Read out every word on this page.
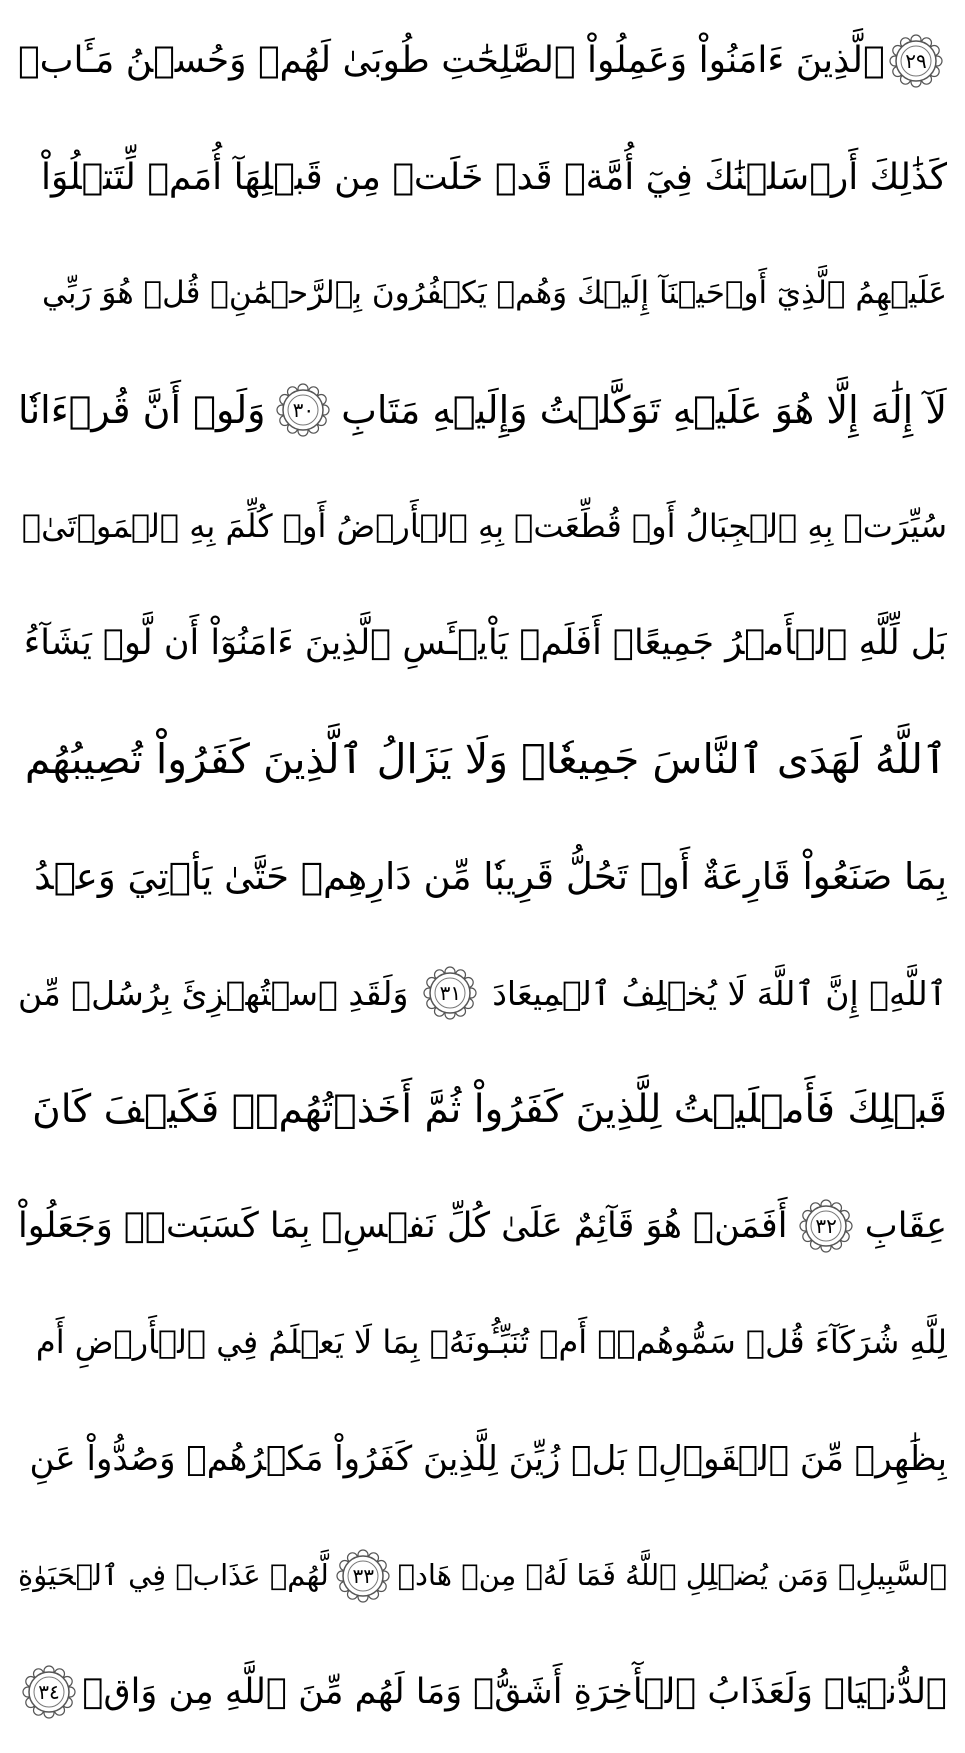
٢٩
ٱلَّذِينَ ءَامَنُواْ وَعَمِلُواْ ٱلصَّٰلِحَٰتِ طُوبَىٰ لَهُمۡ وَحُسۡنُ مَـَٔابٖ
كَذَٰلِكَ أَرۡسَلۡنَٰكَ فِيٓ أُمَّةٖ قَدۡ خَلَتۡ مِن قَبۡلِهَآ أُمَمٞ لِّتَتۡلُوَاْ
عَلَيۡهِمُ ٱلَّذِيٓ أَوۡحَيۡنَآ إِلَيۡكَ وَهُمۡ يَكۡفُرُونَ بِٱلرَّحۡمَٰنِۚ قُلۡ هُوَ رَبِّي
لَآ إِلَٰهَ إِلَّا هُوَ عَلَيۡهِ تَوَكَّلۡتُ وَإِلَيۡهِ مَتَابِ
٣٠
وَلَوۡ أَنَّ قُرۡءَانٗا
سُيِّرَتۡ بِهِ ٱلۡجِبَالُ أَوۡ قُطِّعَتۡ بِهِ ٱلۡأَرۡضُ أَوۡ كُلِّمَ بِهِ ٱلۡمَوۡتَىٰۗ
بَل لِّلَّهِ ٱلۡأَمۡرُ جَمِيعًاۗ أَفَلَمۡ يَاْيۡـَٔسِ ٱلَّذِينَ ءَامَنُوٓاْ أَن لَّوۡ يَشَآءُ
ٱللَّهُ لَهَدَى ٱلنَّاسَ جَمِيعٗاۗ وَلَا يَزَالُ ٱلَّذِينَ كَفَرُواْ تُصِيبُهُم
بِمَا صَنَعُواْ قَارِعَةٌ أَوۡ تَحُلُّ قَرِيبٗا مِّن دَارِهِمۡ حَتَّىٰ يَأۡتِيَ وَعۡدُ
ٱللَّهِۚ إِنَّ ٱللَّهَ لَا يُخۡلِفُ ٱلۡمِيعَادَ
٣١
وَلَقَدِ ٱسۡتُهۡزِئَ بِرُسُلٖ مِّن
قَبۡلِكَ فَأَمۡلَيۡتُ لِلَّذِينَ كَفَرُواْ ثُمَّ أَخَذۡتُهُمۡۖ فَكَيۡفَ كَانَ
عِقَابِ
٣٢
أَفَمَنۡ هُوَ قَآئِمٌ عَلَىٰ كُلِّ نَفۡسِۢ بِمَا كَسَبَتۡۗ وَجَعَلُواْ
لِلَّهِ شُرَكَآءَ قُلۡ سَمُّوهُمۡۚ أَمۡ تُنَبِّـُٔونَهُۥ بِمَا لَا يَعۡلَمُ فِي ٱلۡأَرۡضِ أَم
بِظَٰهِرٖ مِّنَ ٱلۡقَوۡلِۗ بَلۡ زُيِّنَ لِلَّذِينَ كَفَرُواْ مَكۡرُهُمۡ وَصُدُّواْ عَنِ
ٱلسَّبِيلِۗ وَمَن يُضۡلِلِ ٱللَّهُ فَمَا لَهُۥ مِنۡ هَادٖ
٣٣
لَّهُمۡ عَذَابٞ فِي ٱلۡحَيَوٰةِ
ٱلدُّنۡيَاۖ وَلَعَذَابُ ٱلۡأٓخِرَةِ أَشَقُّۖ وَمَا لَهُم مِّنَ ٱللَّهِ مِن وَاقٖ
٣٤
